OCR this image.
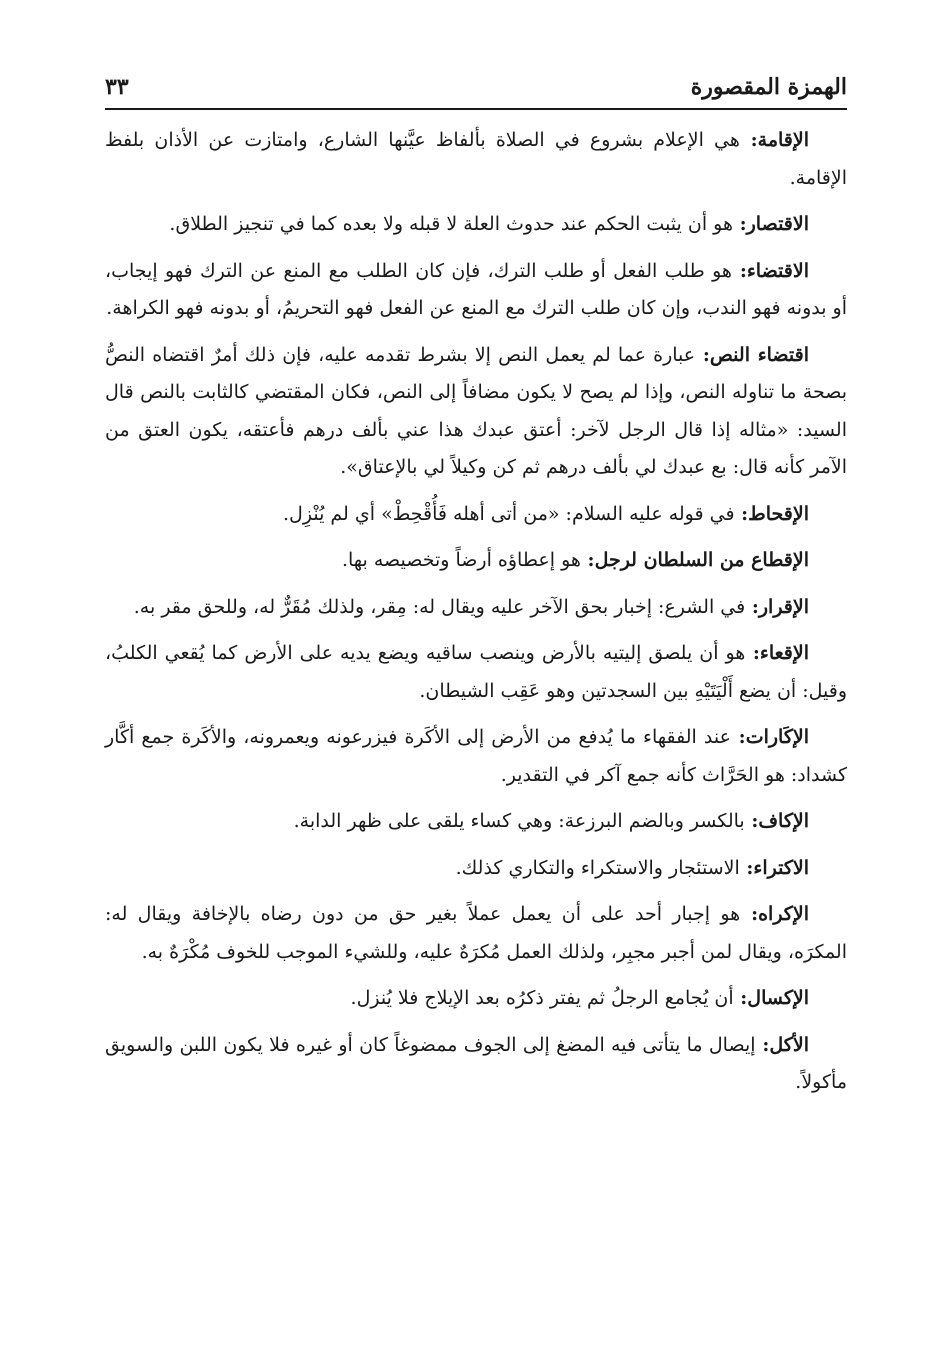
الهمزة المقصورة
٣٣

الإقامة: هي الإعلام بشروع في الصلاة بألفاظ عيَّنها الشارع، وامتازت عن الأذان بلفظ الإقامة.

الاقتصار: هو أن يثبت الحكم عند حدوث العلة لا قبله ولا بعده كما في تنجيز الطلاق.

الاقتضاء: هو طلب الفعل أو طلب الترك، فإن كان الطلب مع المنع عن الترك فهو إيجاب، أو بدونه فهو الندب، وإن كان طلب الترك مع المنع عن الفعل فهو التحريمُ، أو بدونه فهو الكراهة.

اقتضاء النص: عبارة عما لم يعمل النص إلا بشرط تقدمه عليه، فإن ذلك أمرٌ اقتضاه النصُّ بصحة ما تناوله النص، وإذا لم يصح لا يكون مضافاً إلى النص، فكان المقتضي كالثابت بالنص قال السيد: «مثاله إذا قال الرجل لآخر: أعتق عبدك هذا عني بألف درهم فأعتقه، يكون العتق من الآمر كأنه قال: بع عبدك لي بألف درهم ثم كن وكيلاً لي بالإعتاق».

الإقحاط: في قوله عليه السلام: «من أتى أهله فَأُقْحِطْ» أي لم يُنْزِل.

الإقطاع من السلطان لرجل: هو إعطاؤه أرضاً وتخصيصه بها.

الإقرار: في الشرع: إخبار بحق الآخر عليه ويقال له: مِقر، ولذلك مُقَرٌّ له، وللحق مقر به.

الإقعاء: هو أن يلصق إليتيه بالأرض وينصب ساقيه ويضع يديه على الأرض كما يُقعي الكلبُ، وقيل: أن يضع أَلْيَتَيْهِ بين السجدتين وهو عَقِب الشيطان.

الإكَارات: عند الفقهاء ما يُدفع من الأرض إلى الأكَرة فيزرعونه ويعمرونه، والأكَرة جمع أكَّار كشداد: هو الحَرَّاث كأنه جمع آكر في التقدير.

الإكاف: بالكسر وبالضم البرزعة: وهي كساء يلقى على ظهر الدابة.

الاكتراء: الاستئجار والاستكراء والتكاري كذلك.

الإكراه: هو إجبار أحد على أن يعمل عملاً بغير حق من دون رضاه بالإخافة ويقال له: المكرَه، ويقال لمن أجبر مجبِر، ولذلك العمل مُكرَهٌ عليه، وللشيء الموجب للخوف مُكْرَهٌ به.

الإكسال: أن يُجامع الرجلُ ثم يفتر ذكرُه بعد الإيلاج فلا يُنزل.

الأكل: إيصال ما يتأتى فيه المضغ إلى الجوف ممضوغاً كان أو غيره فلا يكون اللبن والسويق مأكولاً.
